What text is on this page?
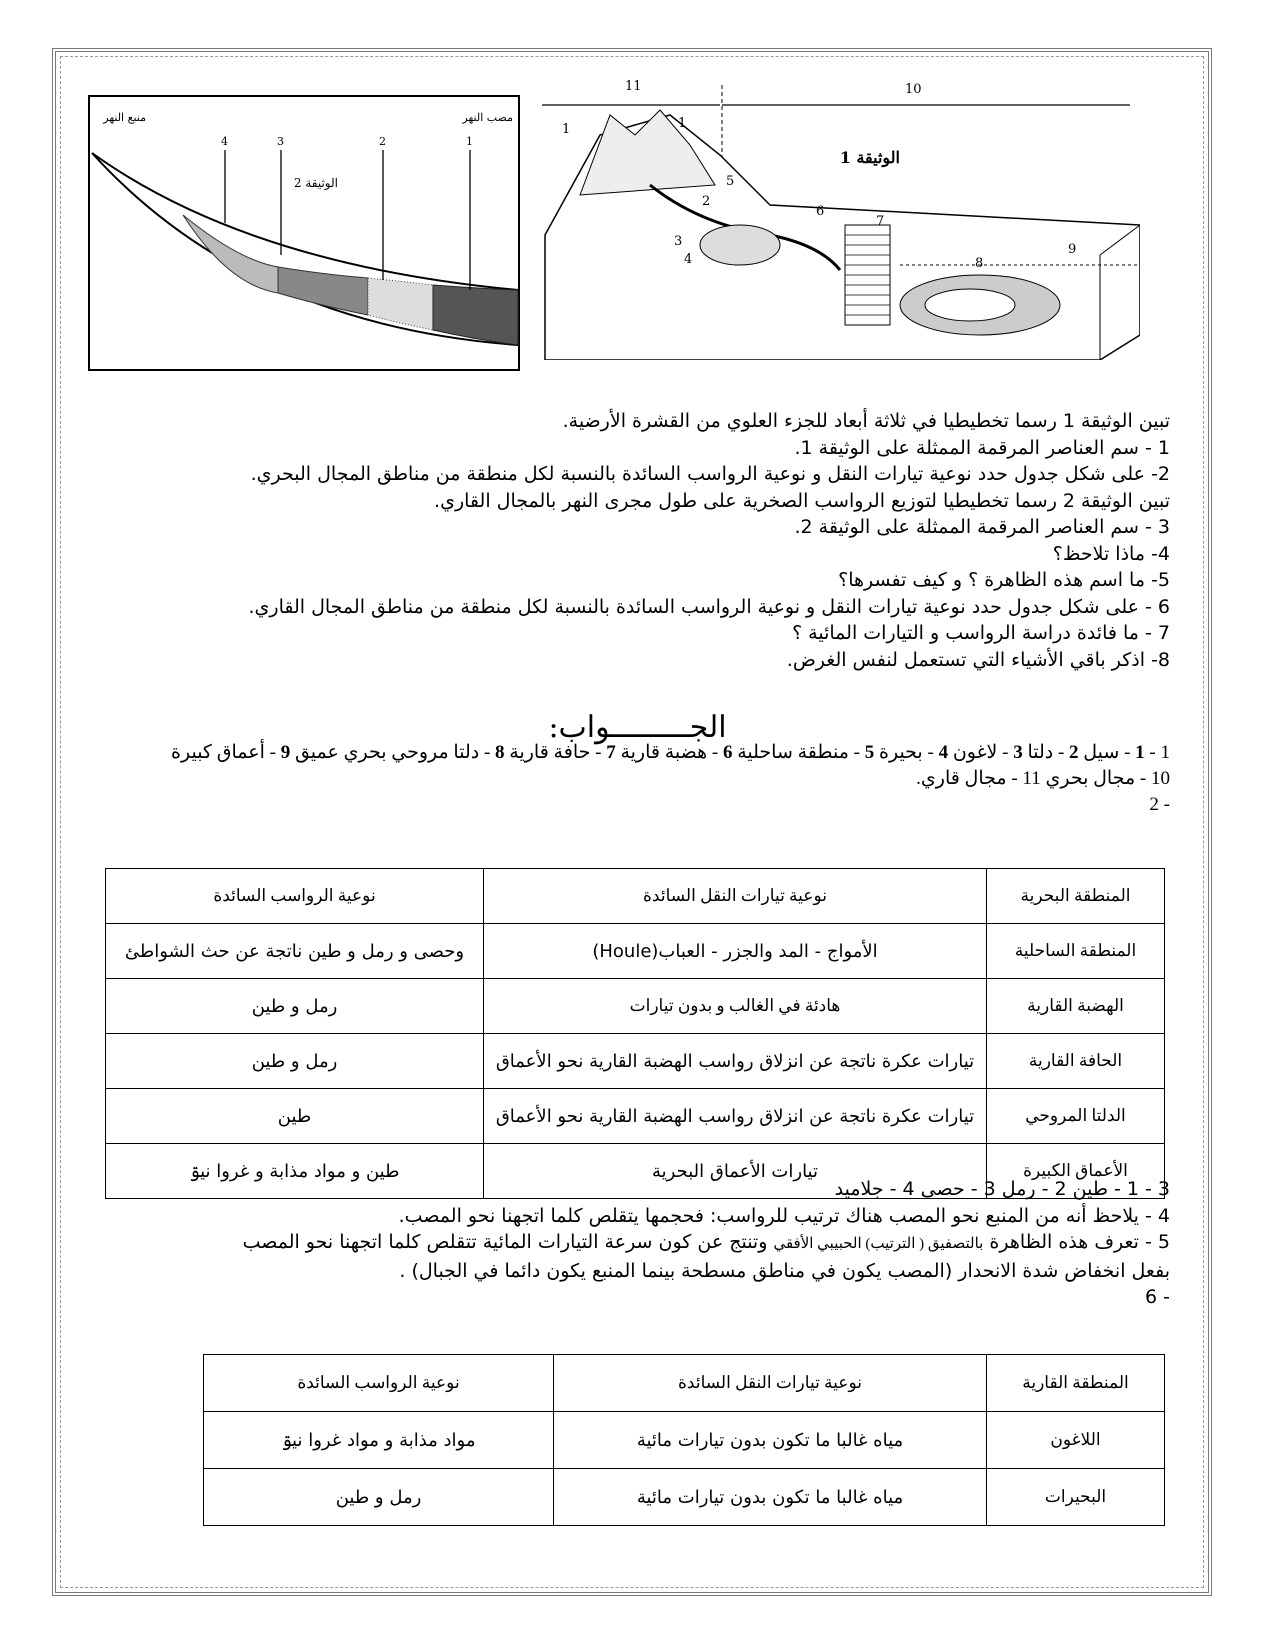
4	3	2	1
الوثيقة 2
منبع النهر	مصب النهر
11	10
الوثيقة 1
1	1
2
3
4
5
6
7
8
9
تبين الوثيقة 1 رسما تخطيطيا في ثلاثة أبعاد للجزء العلوي من القشرة الأرضية.
1 - سم العناصر المرقمة الممثلة على الوثيقة 1.
2- على شكل جدول حدد نوعية تيارات النقل و نوعية الرواسب السائدة بالنسبة لكل منطقة من مناطق المجال البحري.
تبين الوثيقة 2 رسما تخطيطيا لتوزيع الرواسب الصخرية على طول مجرى النهر بالمجال القاري.
3 - سم العناصر المرقمة الممثلة على الوثيقة 2.
4- ماذا تلاحظ؟
5- ما اسم هذه الظاهرة ؟ و كيف تفسرها؟
6 - على شكل جدول حدد نوعية تيارات النقل و نوعية الرواسب السائدة بالنسبة لكل منطقة من مناطق المجال القاري.
7 - ما فائدة دراسة الرواسب و التيارات المائية ؟
8- اذكر باقي الأشياء التي تستعمل لنفس الغرض.
الجـــــــــواب:
1 - 1 - سيل 2 - دلتا 3 - لاغون 4 - بحيرة 5 - منطقة ساحلية 6 - هضبة قارية 7 - حافة قارية 8 - دلتا مروحي بحري عميق 9 - أعماق كبيرة
10 - مجال بحري 11 - مجال قاري.
- 2
المنطقة البحرية	نوعية تيارات النقل السائدة	نوعية الرواسب السائدة
المنطقة الساحلية	الأمواج - المد والجزر - العباب(Houle)	وحصى و رمل و طين ناتجة عن حث الشواطئ
الهضبة القارية	هادئة في الغالب و بدون تيارات	رمل و طين
الحافة القارية	تيارات عكرة ناتجة عن انزلاق رواسب الهضبة القارية نحو الأعماق	رمل و طين
الدلتا المروحي	تيارات عكرة ناتجة عن انزلاق رواسب الهضبة القارية نحو الأعماق	طين
الأعماق الكبيرة	تيارات الأعماق البحرية	طين و مواد مذابة و غروا نيۊ
3 - 1 - طين 2 - رمل 3 - حصى 4 - جلاميد
4 - يلاحظ أنه من المنبع نحو المصب هناك ترتيب للرواسب: فحجمها يتقلص كلما اتجهنا نحو المصب.
5 - تعرف هذه الظاهرة بالتصفيق ( الترتيب) الحبيبي الأفقي وتنتج عن كون سرعة التيارات المائية تتقلص كلما اتجهنا نحو المصب
بفعل انخفاض شدة الانحدار (المصب يكون في مناطق مسطحة بينما المنبع يكون دائما في الجبال) .
- 6
المنطقة القارية	نوعية تيارات النقل السائدة	نوعية الرواسب السائدة
اللاغون	مياه غالبا ما تكون بدون تيارات مائية	مواد مذابة و مواد غروا نيۊ
البحيرات	مياه غالبا ما تكون بدون تيارات مائية	رمل و طين
